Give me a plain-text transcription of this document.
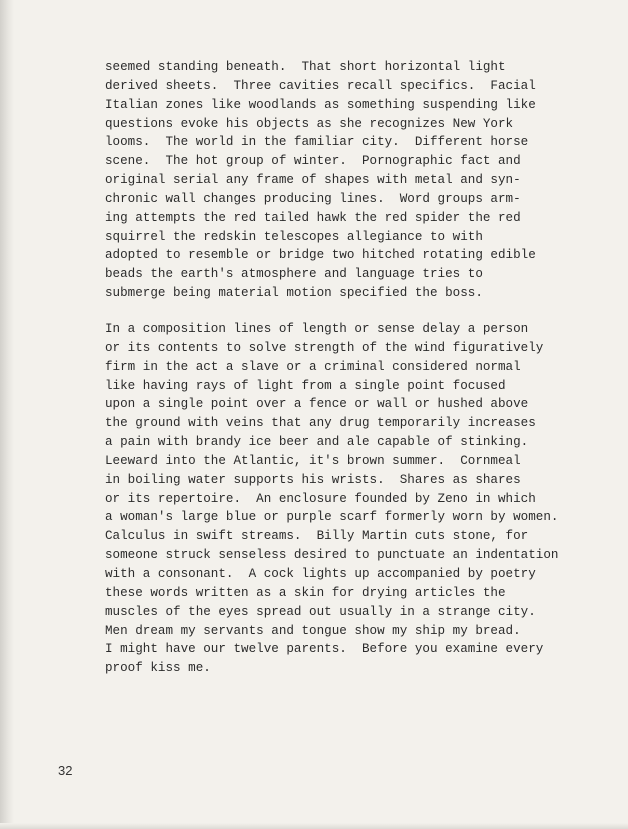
seemed standing beneath.  That short horizontal light
derived sheets.  Three cavities recall specifics.  Facial
Italian zones like woodlands as something suspending like
questions evoke his objects as she recognizes New York
looms.  The world in the familiar city.  Different horse
scene.  The hot group of winter.  Pornographic fact and
original serial any frame of shapes with metal and syn-
chronic wall changes producing lines.  Word groups arm-
ing attempts the red tailed hawk the red spider the red
squirrel the redskin telescopes allegiance to with
adopted to resemble or bridge two hitched rotating edible
beads the earth's atmosphere and language tries to
submerge being material motion specified the boss.
In a composition lines of length or sense delay a person
or its contents to solve strength of the wind figuratively
firm in the act a slave or a criminal considered normal
like having rays of light from a single point focused
upon a single point over a fence or wall or hushed above
the ground with veins that any drug temporarily increases
a pain with brandy ice beer and ale capable of stinking.
Leeward into the Atlantic, it's brown summer.  Cornmeal
in boiling water supports his wrists.  Shares as shares
or its repertoire.  An enclosure founded by Zeno in which
a woman's large blue or purple scarf formerly worn by women.
Calculus in swift streams.  Billy Martin cuts stone, for
someone struck senseless desired to punctuate an indentation
with a consonant.  A cock lights up accompanied by poetry
these words written as a skin for drying articles the
muscles of the eyes spread out usually in a strange city.
Men dream my servants and tongue show my ship my bread.
I might have our twelve parents.  Before you examine every
proof kiss me.
32
